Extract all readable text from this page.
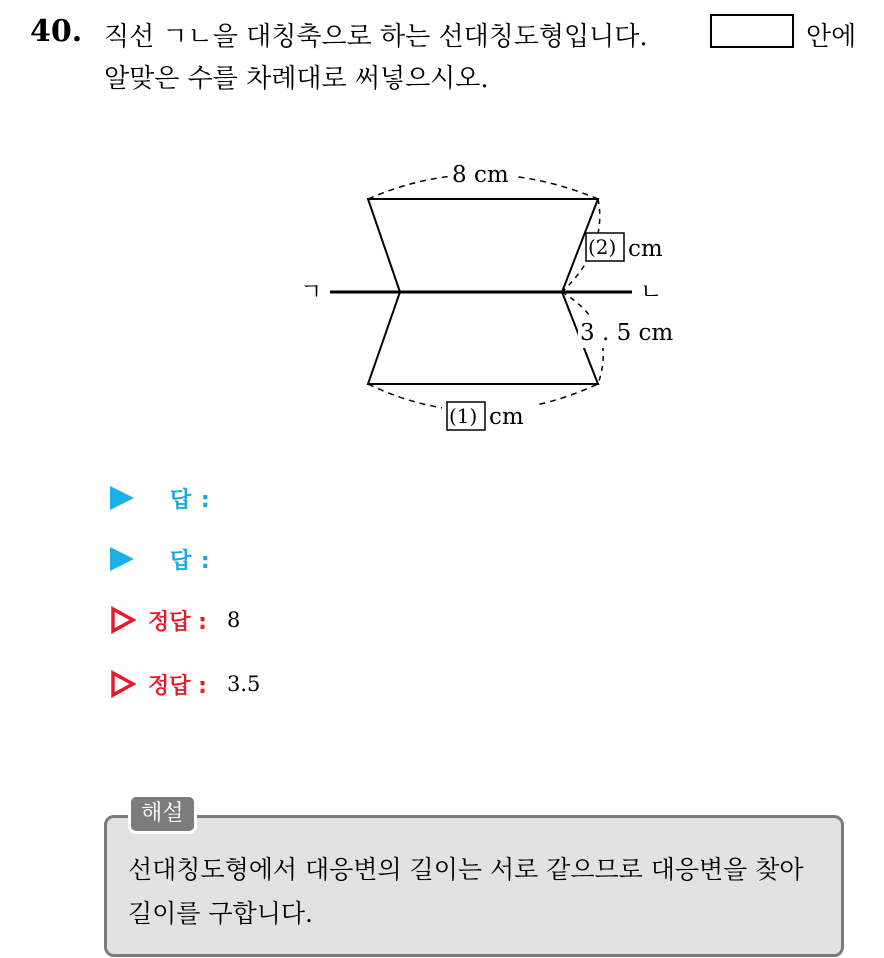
40. 직선 ㄱㄴ을 대칭축으로 하는 선대칭도형입니다.	안에
알맞은 수를 차례대로 써넣으시오.
8 cm
(2) cm
3 . 5 cm
(1) cm
ㄱ	ㄴ
답 :
답 :
정답 : 8
정답 : 3.5
해설
선대칭도형에서 대응변의 길이는 서로 같으므로 대응변을 찾아 길이를 구합니다.
